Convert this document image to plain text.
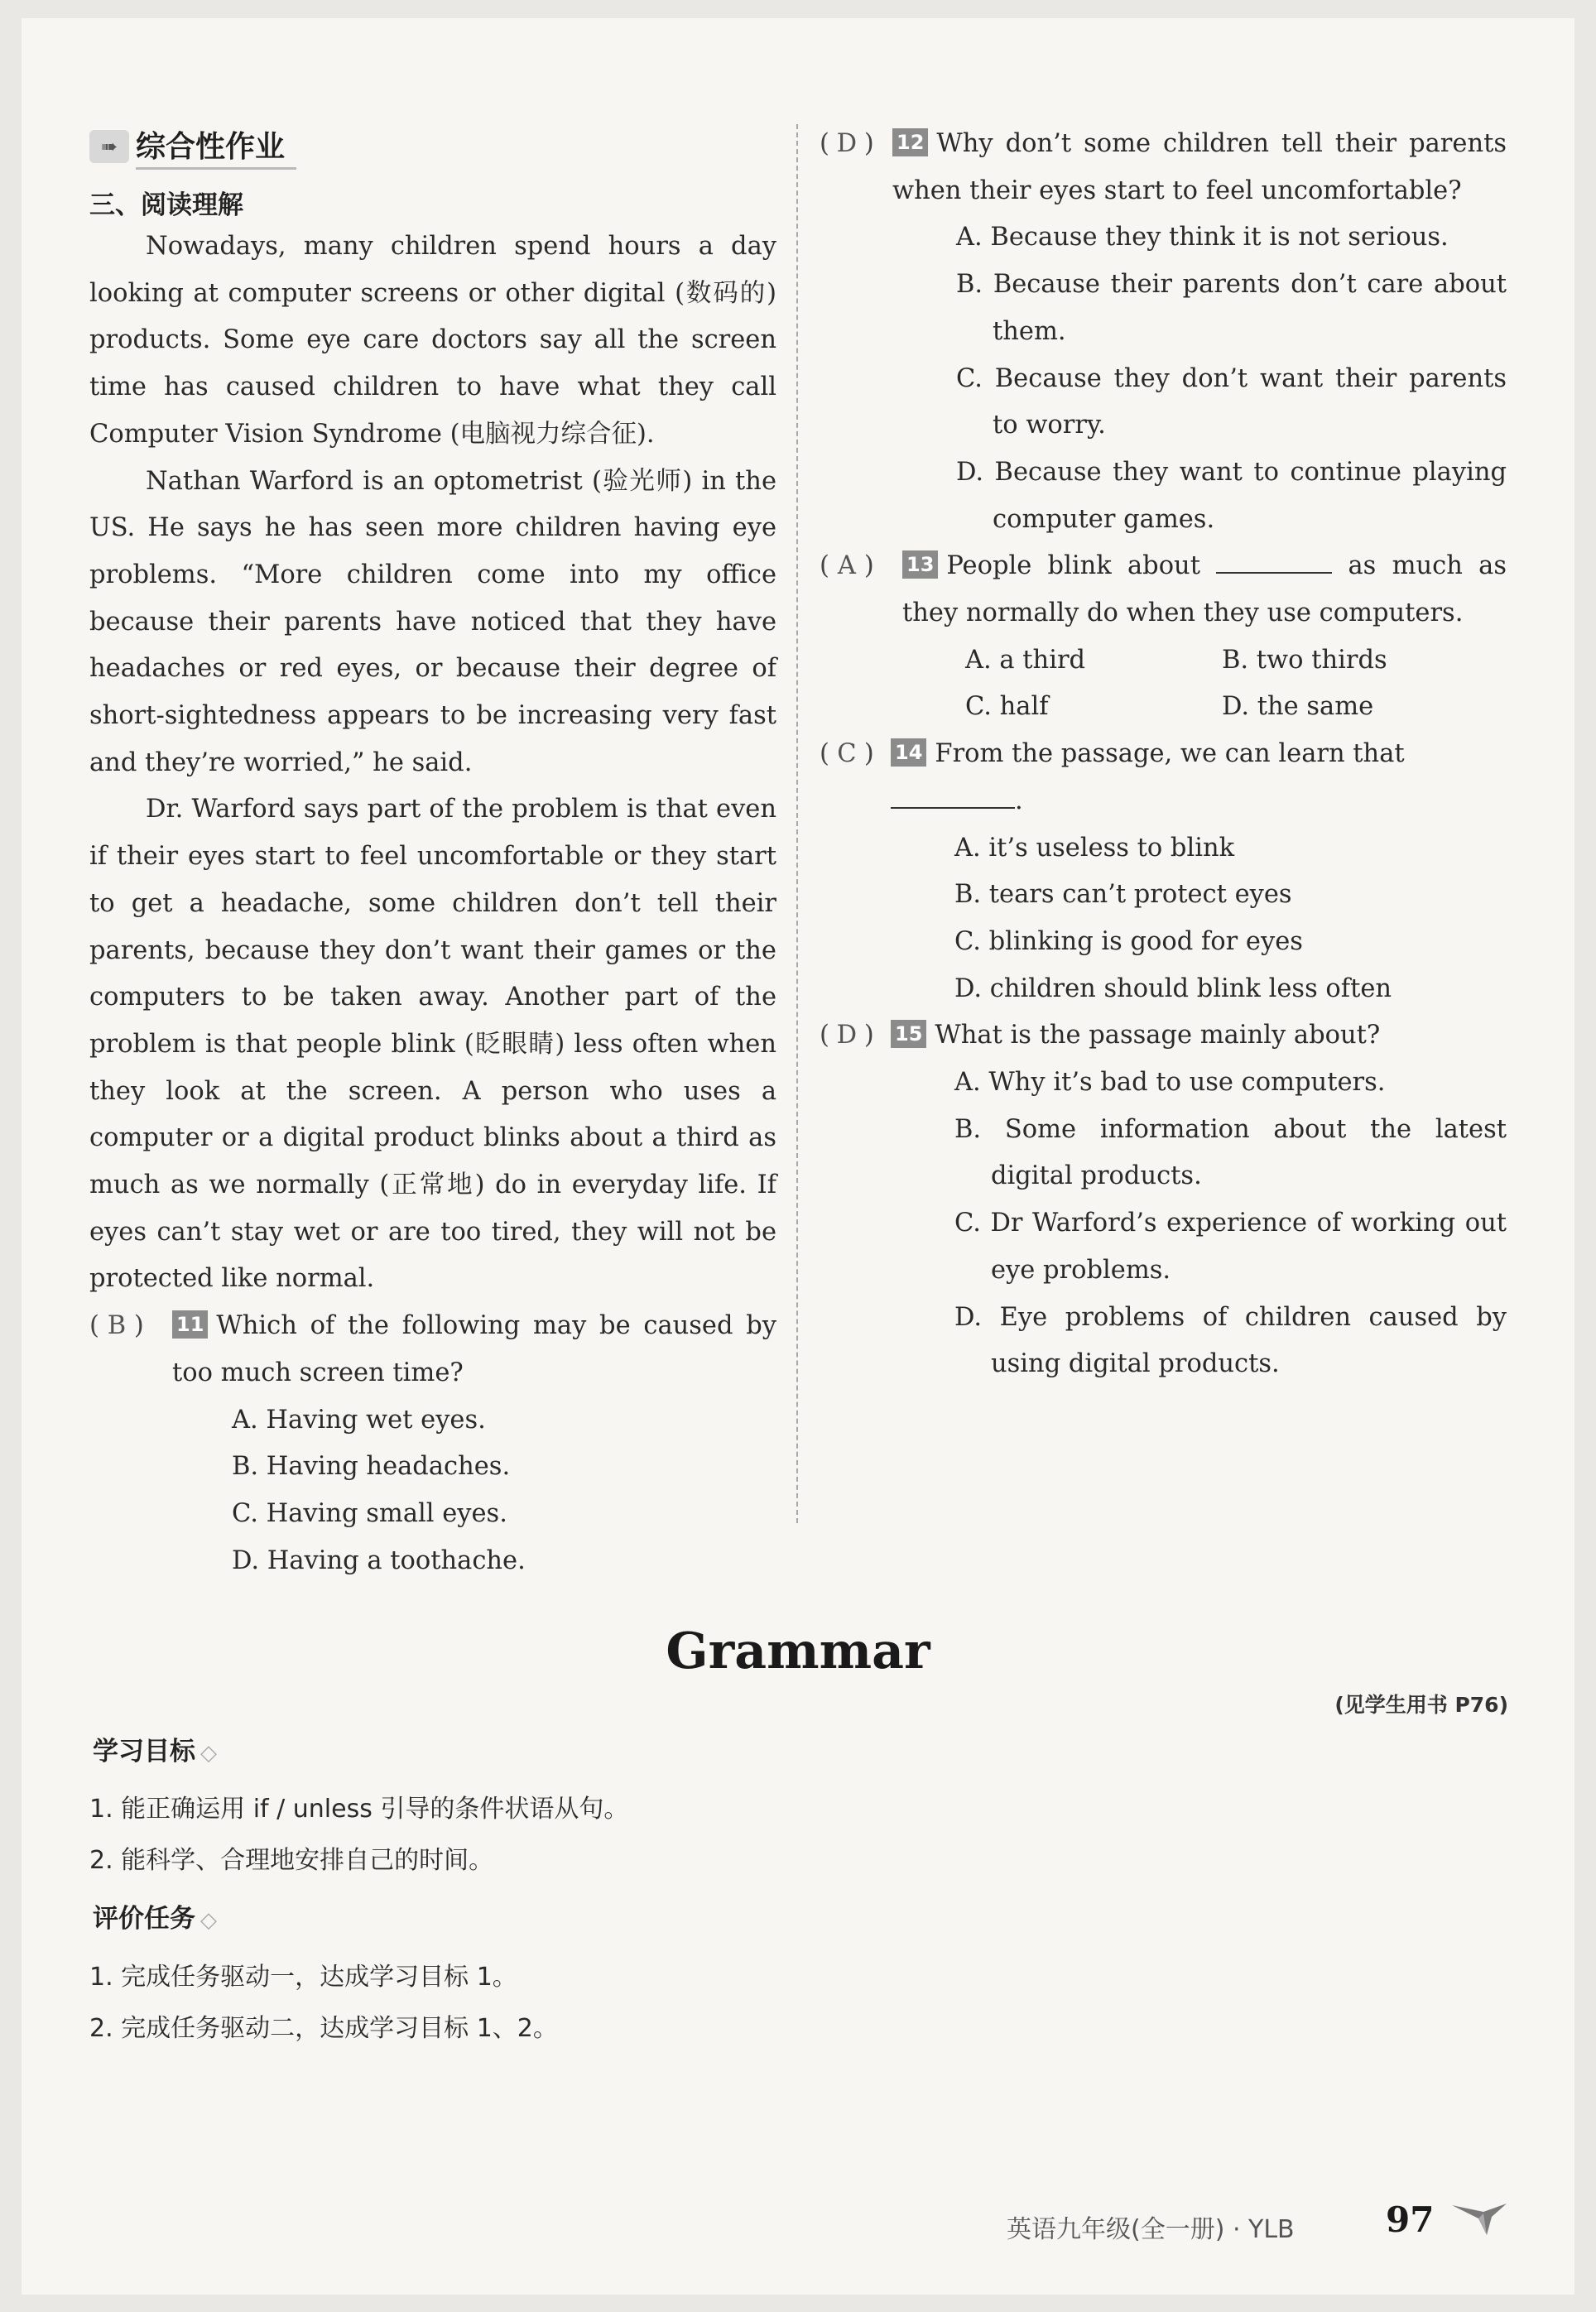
➠ 综合性作业
三、阅读理解

Nowadays, many children spend hours a day looking at computer screens or other digital (数码的) products. Some eye care doctors say all the screen time has caused children to have what they call Computer Vision Syndrome (电脑视力综合征).

Nathan Warford is an optometrist (验光师) in the US. He says he has seen more children having eye problems. “More children come into my office because their parents have noticed that they have headaches or red eyes, or because their degree of short-sightedness appears to be increasing very fast and they’re worried,” he said.

Dr. Warford says part of the problem is that even if their eyes start to feel uncomfortable or they start to get a headache, some children don’t tell their parents, because they don’t want their games or the computers to be taken away. Another part of the problem is that people blink (眨眼睛) less often when they look at the screen. A person who uses a computer or a digital product blinks about a third as much as we normally (正常地) do in everyday life. If eyes can’t stay wet or are too tired, they will not be protected like normal.

( B )	11 Which of the following may be caused by too much screen time?
A. Having wet eyes.
B. Having headaches.
C. Having small eyes.
D. Having a toothache.
( D )	12 Why don’t some children tell their parents when their eyes start to feel uncomfortable?
A. Because they think it is not serious.
B. Because their parents don’t care about them.
C. Because they don’t want their parents to worry.
D. Because they want to continue playing computer games.
( A )	13 People blink about	as much as they normally do when they use computers.
A. a third	B. two thirds
C. half	D. the same
( C )	14 From the passage, we can learn that
.
A. it’s useless to blink
B. tears can’t protect eyes
C. blinking is good for eyes
D. children should blink less often
( D )	15 What is the passage mainly about?
A. Why it’s bad to use computers.
B. Some information about the latest digital products.
C. Dr Warford’s experience of working out eye problems.
D. Eye problems of children caused by using digital products.
Grammar
(见学生用书 P76)
学习目标 ◇
1. 能正确运用 if / unless 引导的条件状语从句。
2. 能科学、合理地安排自己的时间。
评价任务 ◇
1. 完成任务驱动一，达成学习目标 1。
2. 完成任务驱动二，达成学习目标 1、2。
英语九年级(全一册) · YLB	97
